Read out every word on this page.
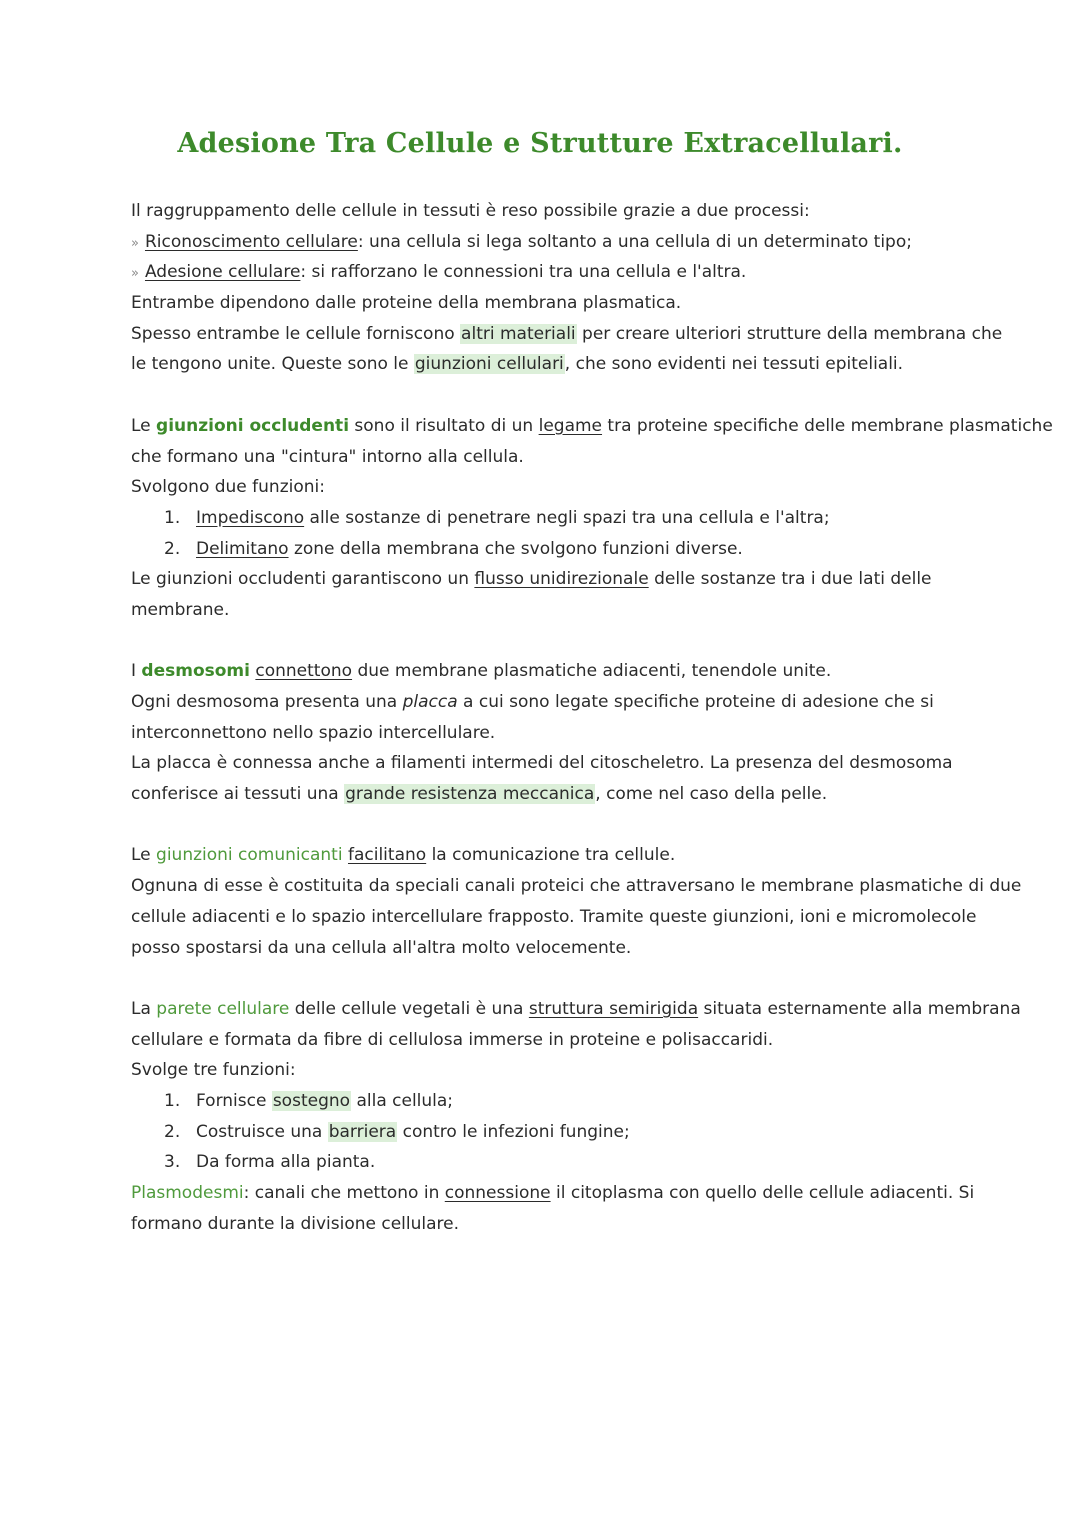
Adesione Tra Cellule e Strutture Extracellulari.
Il raggruppamento delle cellule in tessuti è reso possibile grazie a due processi:
» Riconoscimento cellulare: una cellula si lega soltanto a una cellula di un determinato tipo;
» Adesione cellulare: si rafforzano le connessioni tra una cellula e l'altra.
Entrambe dipendono dalle proteine della membrana plasmatica.
Spesso entrambe le cellule forniscono altri materiali per creare ulteriori strutture della membrana che
le tengono unite. Queste sono le giunzioni cellulari, che sono evidenti nei tessuti epiteliali.
Le giunzioni occludenti sono il risultato di un legame tra proteine specifiche delle membrane plasmatiche
che formano una "cintura" intorno alla cellula.
Svolgono due funzioni:
1. Impediscono alle sostanze di penetrare negli spazi tra una cellula e l'altra;
2. Delimitano zone della membrana che svolgono funzioni diverse.
Le giunzioni occludenti garantiscono un flusso unidirezionale delle sostanze tra i due lati delle
membrane.
I desmosomi connettono due membrane plasmatiche adiacenti, tenendole unite.
Ogni desmosoma presenta una placca a cui sono legate specifiche proteine di adesione che si
interconnettono nello spazio intercellulare.
La placca è connessa anche a filamenti intermedi del citoscheletro. La presenza del desmosoma
conferisce ai tessuti una grande resistenza meccanica, come nel caso della pelle.
Le giunzioni comunicanti facilitano la comunicazione tra cellule.
Ognuna di esse è costituita da speciali canali proteici che attraversano le membrane plasmatiche di due
cellule adiacenti e lo spazio intercellulare frapposto. Tramite queste giunzioni, ioni e micromolecole
posso spostarsi da una cellula all'altra molto velocemente.
La parete cellulare delle cellule vegetali è una struttura semirigida situata esternamente alla membrana
cellulare e formata da fibre di cellulosa immerse in proteine e polisaccaridi.
Svolge tre funzioni:
1. Fornisce sostegno alla cellula;
2. Costruisce una barriera contro le infezioni fungine;
3. Da forma alla pianta.
Plasmodesmi: canali che mettono in connessione il citoplasma con quello delle cellule adiacenti. Si
formano durante la divisione cellulare.
